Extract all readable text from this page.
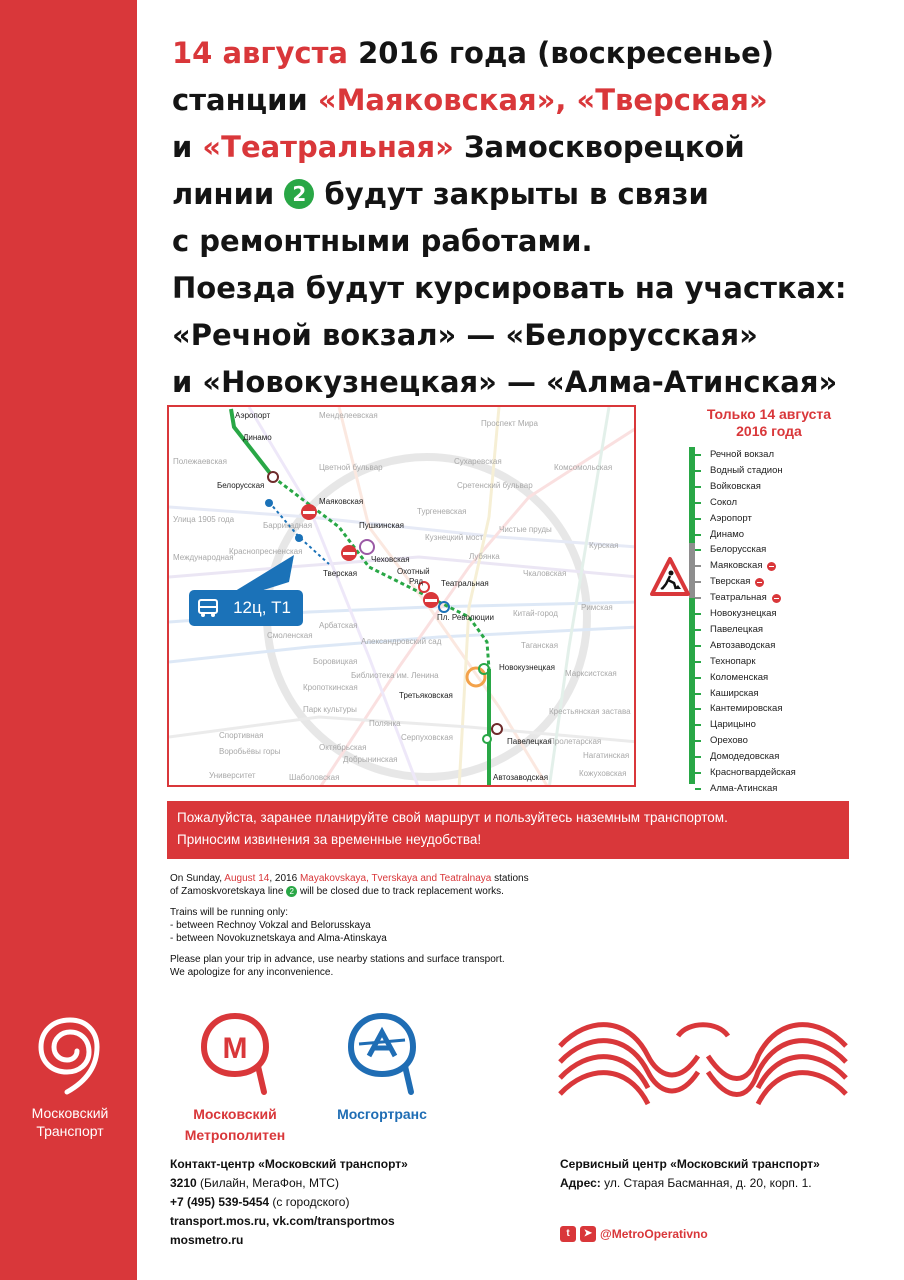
Московский
Транспорт
14 августа 2016 года (воскресенье)
станции «Маяковская», «Тверская»
и «Театральная» Замоскворецкой
линии 2 будут закрыты в связи
с ремонтными работами.
Поезда будут курсировать на участках:
«Речной вокзал» — «Белорусская»
и «Новокузнецкая» — «Алма-Атинская»
Аэропорт
Динамо
Белорусская
Маяковская
Пушкинская
Чеховская
Тверская	Охотный
Ряд Театральная
Пл. Революции
Новокузнецкая
Третьяковская
Павелецкая
Автозаводская
Менделеевская
Цветной бульвар
Сухаревская
Проспект Мира
Комсомольская
Сретенский бульвар
Тургеневская
Чистые пруды
Кузнецкий мост
Лубянка
Курская
Чкаловская
Китай-город
Римская
Таганская
Марксистская
Боровицкая
Библиотека им. Ленина
Кропоткинская
Парк культуры
Октябрьская
Полянка
Добрынинская
Серпуховская
Шаболовская
Спортивная
Университет
Крестьянская застава
Пролетарская
Кожуховская
Полежаевская
Арбатская
Смоленская
Баррикадная
Краснопресненская
Международная
Улица 1905 года
Александровский сад
Воробьёвы горы	Нагатинская
12ц, Т1
Только 14 августа
2016 года
Речной вокзал
Водный стадион
Войковская
Сокол
Аэропорт
Динамо
Белорусская
Маяковская
Тверская
Театральная
Новокузнецкая
Павелецкая
Автозаводская
Технопарк
Коломенская
Каширская
Кантемировская
Царицыно
Орехово
Домодедовская
Красногвардейская
Алма-Атинская
Пожалуйста, заранее планируйте свой маршрут и пользуйтесь наземным транспортом.
Приносим извинения за временные неудобства!

On Sunday, August 14, 2016 Mayakovskaya, Tverskaya and Teatralnaya stations
of Zamoskvoretskaya line 2 will be closed due to track replacement works.

Trains will be running only:
- between Rechnoy Vokzal and Belorusskaya
- between Novokuznetskaya and Alma-Atinskaya

Please plan your trip in advance, use nearby stations and surface transport.
We apologize for any inconvenience.

М
Московский
Метрополитен
Мосгортранс
Контакт-центр «Московский транспорт»
3210 (Билайн, МегаФон, МТС)
+7 (495) 539-5454 (с городского)
transport.mos.ru, vk.com/transportmos
mosmetro.ru
Сервисный центр «Московский транспорт»
Адрес: ул. Старая Басманная, д. 20, корп. 1.
t	➤ @MetroOperativno
